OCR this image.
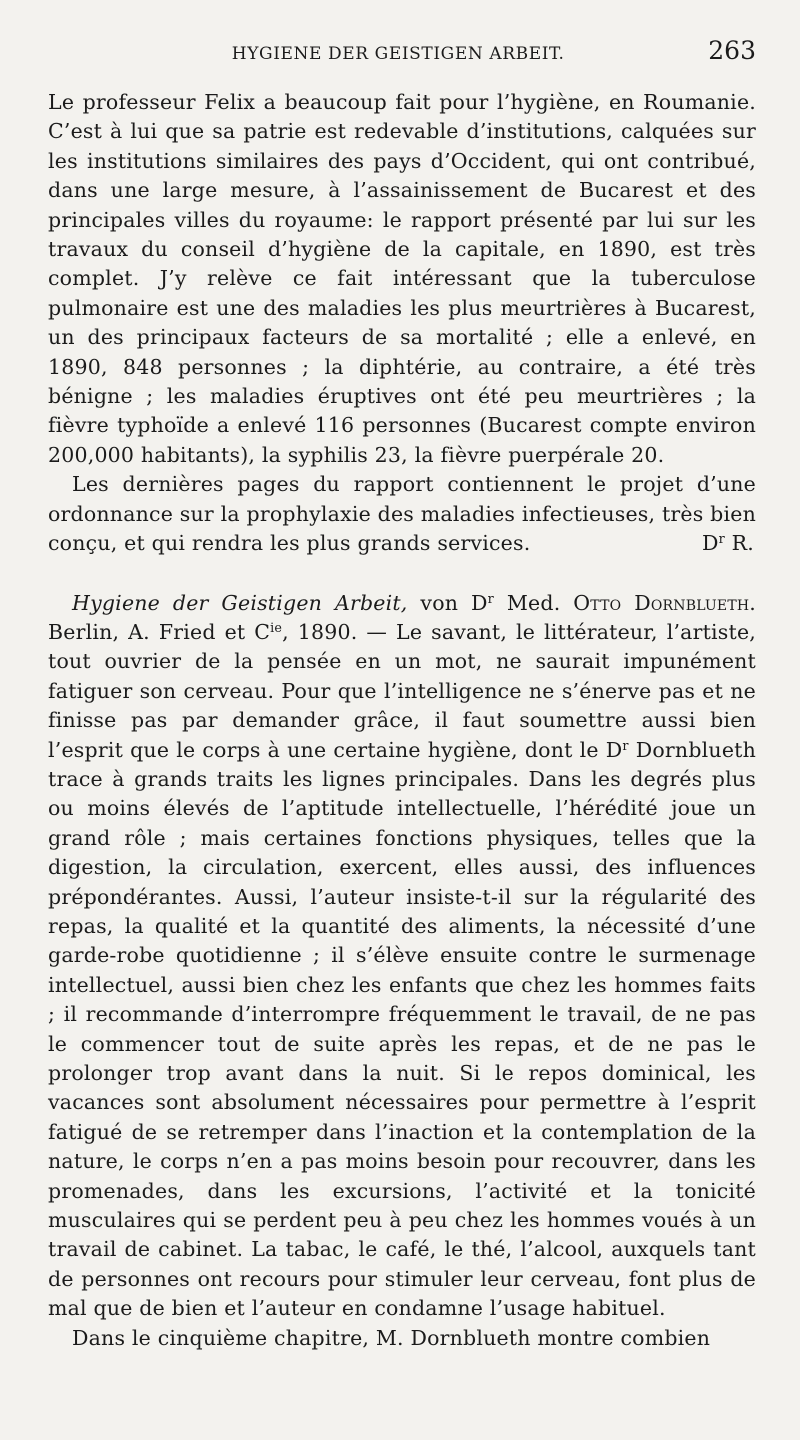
HYGIENE DER GEISTIGEN ARBEIT.	263

Le professeur Felix a beaucoup fait pour l’hygiène, en Roumanie. C’est à lui que sa patrie est redevable d’institutions, calquées sur les institutions similaires des pays d’Occident, qui ont contribué, dans une large mesure, à l’assainissement de Bucarest et des principales villes du royaume: le rapport présenté par lui sur les travaux du conseil d’hygiène de la capitale, en 1890, est très complet. J’y relève ce fait intéressant que la tuberculose pulmonaire est une des maladies les plus meurtrières à Bucarest, un des principaux facteurs de sa mortalité ; elle a enlevé, en 1890, 848 personnes ; la diphtérie, au contraire, a été très bénigne ; les maladies éruptives ont été peu meurtrières ; la fièvre typhoïde a enlevé 116 personnes (Bucarest compte environ 200,000 habitants), la syphilis 23, la fièvre puerpérale 20.

Les dernières pages du rapport contiennent le projet d’une ordonnance sur la prophylaxie des maladies infectieuses, très bien conçu, et qui rendra les plus grands services.	$D^r$ R.

Hygiene der Geistigen Arbeit, von $D^r$ Med. Otto Dornblueth. Berlin, A. Fried et $C^{ie}$, 1890. — Le savant, le littérateur, l’artiste, tout ouvrier de la pensée en un mot, ne saurait impunément fatiguer son cerveau. Pour que l’intelligence ne s’énerve pas et ne finisse pas par demander grâce, il faut soumettre aussi bien l’esprit que le corps à une certaine hygiène, dont le $D^r$ Dornblueth trace à grands traits les lignes principales. Dans les degrés plus ou moins élevés de l’aptitude intellectuelle, l’hérédité joue un grand rôle ; mais certaines fonctions physiques, telles que la digestion, la circulation, exercent, elles aussi, des influences prépondérantes. Aussi, l’auteur insiste-t-il sur la régularité des repas, la qualité et la quantité des aliments, la nécessité d’une garde-robe quotidienne ; il s’élève ensuite contre le surmenage intellectuel, aussi bien chez les enfants que chez les hommes faits ; il recommande d’interrompre fréquemment le travail, de ne pas le commencer tout de suite après les repas, et de ne pas le prolonger trop avant dans la nuit. Si le repos dominical, les vacances sont absolument nécessaires pour permettre à l’esprit fatigué de se retremper dans l’inaction et la contemplation de la nature, le corps n’en a pas moins besoin pour recouvrer, dans les promenades, dans les excursions, l’activité et la tonicité musculaires qui se perdent peu à peu chez les hommes voués à un travail de cabinet. La tabac, le café, le thé, l’alcool, auxquels tant de personnes ont recours pour stimuler leur cerveau, font plus de mal que de bien et l’auteur en condamne l’usage habituel.

Dans le cinquième chapitre, M. Dornblueth montre combien
